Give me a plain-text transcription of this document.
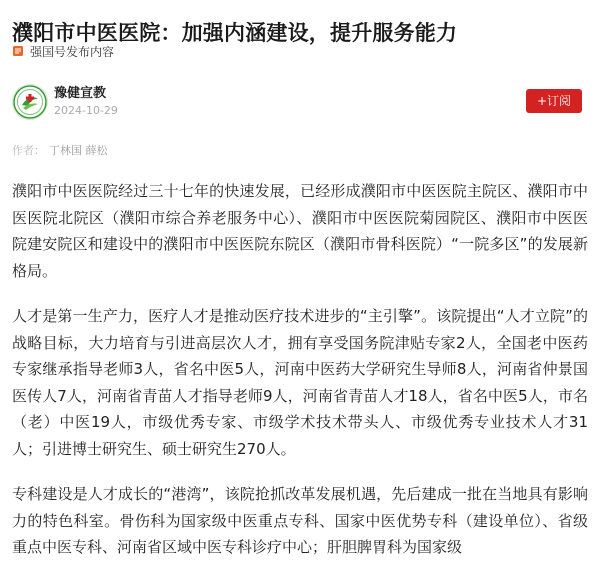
濮阳市中医医院：加强内涵建设，提升服务能力
强国号发布内容
豫健宣教
2024-10-29
+订阅
作者： 丁林国 薛松

濮阳市中医医院经过三十七年的快速发展，已经形成濮阳市中医医院主院区、濮阳市中医医院北院区（濮阳市综合养老服务中心）、濮阳市中医医院菊园院区、濮阳市中医医院建安院区和建设中的濮阳市中医医院东院区（濮阳市骨科医院）“一院多区”的发展新格局。

人才是第一生产力，医疗人才是推动医疗技术进步的“主引擎”。该院提出“人才立院”的战略目标，大力培育与引进高层次人才，拥有享受国务院津贴专家2人，全国老中医药专家继承指导老师3人，省名中医5人，河南中医药大学研究生导师8人，河南省仲景国医传人7人，河南省青苗人才指导老师9人，河南省青苗人才18人，省名中医5人，市名（老）中医19人，市级优秀专家、市级学术技术带头人、市级优秀专业技术人才31人；引进博士研究生、硕士研究生270人。

专科建设是人才成长的“港湾”，该院抢抓改革发展机遇，先后建成一批在当地具有影响力的特色科室。骨伤科为国家级中医重点专科、国家中医优势专科（建设单位）、省级重点中医专科、河南省区域中医专科诊疗中心；肝胆脾胃科为国家级
